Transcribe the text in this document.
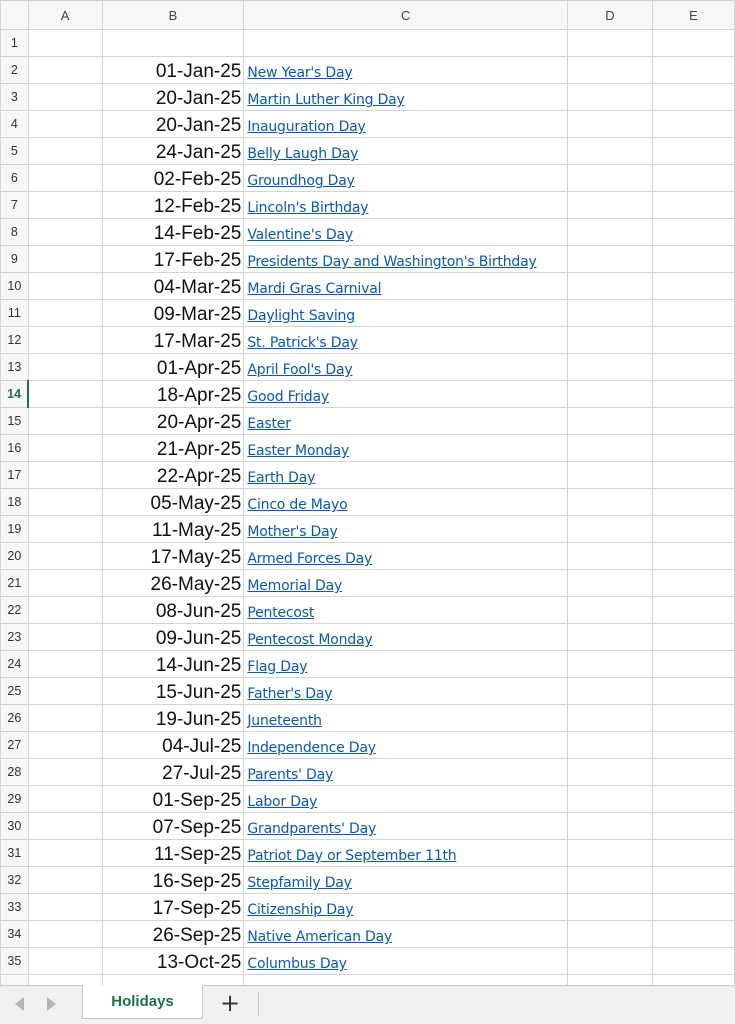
	A	B	C	D	E
1					
2		01-Jan-25	New Year's Day		
3		20-Jan-25	Martin Luther King Day		
4		20-Jan-25	Inauguration Day		
5		24-Jan-25	Belly Laugh Day		
6		02-Feb-25	Groundhog Day		
7		12-Feb-25	Lincoln's Birthday		
8		14-Feb-25	Valentine's Day		
9		17-Feb-25	Presidents Day and Washington's Birthday		
10		04-Mar-25	Mardi Gras Carnival		
11		09-Mar-25	Daylight Saving		
12		17-Mar-25	St. Patrick's Day		
13		01-Apr-25	April Fool's Day		
14		18-Apr-25	Good Friday		
15		20-Apr-25	Easter		
16		21-Apr-25	Easter Monday		
17		22-Apr-25	Earth Day		
18		05-May-25	Cinco de Mayo		
19		11-May-25	Mother's Day		
20		17-May-25	Armed Forces Day		
21		26-May-25	Memorial Day		
22		08-Jun-25	Pentecost		
23		09-Jun-25	Pentecost Monday		
24		14-Jun-25	Flag Day		
25		15-Jun-25	Father's Day		
26		19-Jun-25	Juneteenth		
27		04-Jul-25	Independence Day		
28		27-Jul-25	Parents' Day		
29		01-Sep-25	Labor Day		
30		07-Sep-25	Grandparents' Day		
31		11-Sep-25	Patriot Day or September 11th		
32		16-Sep-25	Stepfamily Day		
33		17-Sep-25	Citizenship Day		
34		26-Sep-25	Native American Day		
35		13-Oct-25	Columbus Day		

Holidays	+
